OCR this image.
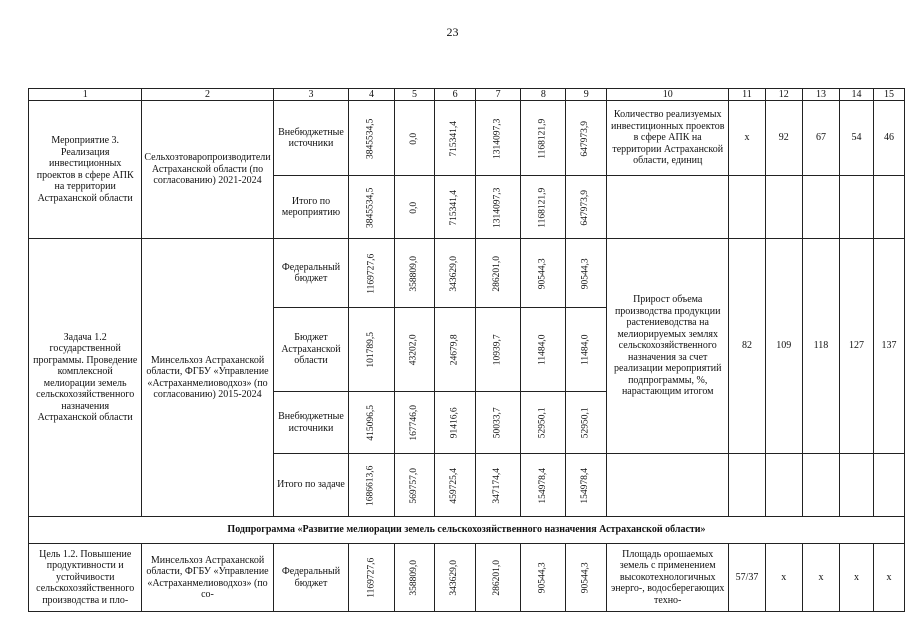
23
1	2	3	4	5	6	7	8	9	10	11	12	13	14	15
Мероприятие 3. Реализация инвестиционных проектов в сфере АПК на территории Астраханской области	Сельхозтоваропроизводители Астраханской области (по согласованию) 2021-2024	Внебюджетные источники	3845534,5	0,0	715341,4	1314097,3	1168121,9	647973,9	Количество реализуемых инвестиционных проектов в сфере АПК на территории Астраханской области, единиц	x	92	67	54	46
		Итого по мероприятию	3845534,5	0,0	715341,4	1314097,3	1168121,9	647973,9						
Задача 1.2 государственной программы. Проведение комплексной мелиорации земель сельскохозяйственного назначения Астраханской области	Минсельхоз Астраханской области, ФГБУ «Управление «Астраханмелиоводхоз» (по согласованию) 2015-2024	Федеральный бюджет	1169727,6	358809,0	343629,0	286201,0	90544,3	90544,3	Прирост объема производства продукции растениеводства на мелиорируемых землях сельскохозяйственного назначения за счет реализации мероприятий подпрограммы, %, нарастающим итогом	82	109	118	127	137
		Бюджет Астраханской области	101789,5	43202,0	24679,8	10939,7	11484,0	11484,0						
		Внебюджетные источники	415096,5	167746,0	91416,6	50033,7	52950,1	52950,1						
		Итого по задаче	1686613,6	569757,0	459725,4	347174,4	154978,4	154978,4						
Подпрограмма «Развитие мелиорации земель сельскохозяйственного назначения Астраханской области»														
Цель 1.2. Повышение продуктивности и устойчивости сельскохозяйственного производства и пло-	Минсельхоз Астраханской области, ФГБУ «Управление «Астраханмелиоводхоз» (по со-	Федеральный бюджет	1169727,6	358809,0	343629,0	286201,0	90544,3	90544,3	Площадь орошаемых земель с применением высокотехнологичных энерго-, водосберегающих техно-	57/37	x	x	x	x
